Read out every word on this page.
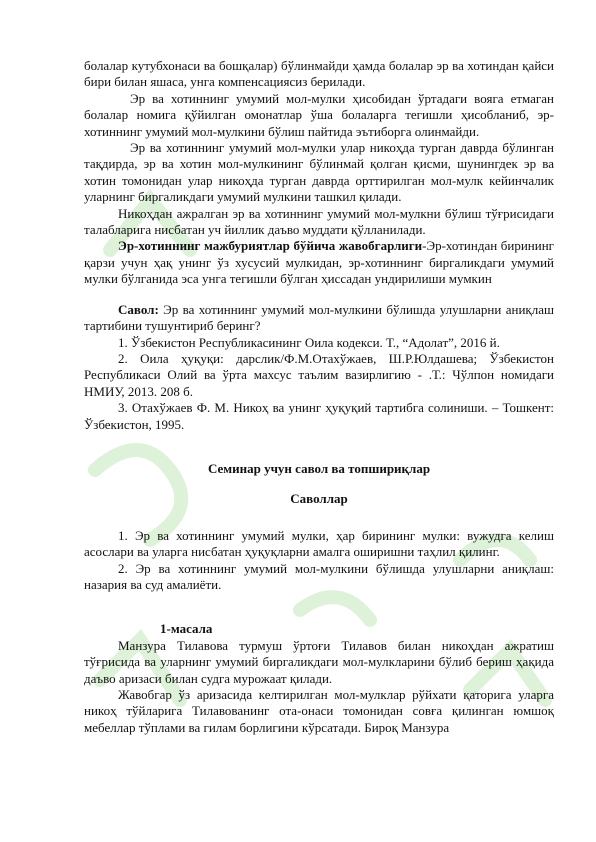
болалар кутубхонаси ва бошқалар) бўлинмайди ҳамда болалар эр ва хотиндан қайси бири билан яшаса, унга компенсациясиз берилади.

Эр ва хотиннинг умумий мол-мулки ҳисобидан ўртадаги вояга етмаган болалар номига қўйилган омонатлар ўша болаларга тегишли ҳисобланиб, эр-хотиннинг умумий мол-мулкини бўлиш пайтида эътиборга олинмайди.

Эр ва хотиннинг умумий мол-мулки улар никоҳда турган даврда бўлинган тақдирда, эр ва хотин мол-мулкининг бўлинмай қолган қисми, шунингдек эр ва хотин томонидан улар никоҳда турган даврда орттирилган мол-мулк кейинчалик уларнинг биргаликдаги умумий мулкини ташкил қилади.

Никоҳдан ажралган эр ва хотиннинг умумий мол-мулкни бўлиш тўғрисидаги талабларига нисбатан уч йиллик даъво муддати қўлланилади.

Эр-хотиннинг мажбуриятлар бўйича жавобгарлиги-Эр-хотиндан бирининг қарзи учун ҳақ унинг ўз хусусий мулкидан, эр-хотиннинг биргаликдаги умумий мулки бўлганида эса унга тегишли бўлган ҳиссадан ундирилиши мумкин

Савол: Эр ва хотиннинг умумий мол-мулкини бўлишда улушларни аниқлаш тартибини тушунтириб беринг?

1. Ўзбекистон Республикасининг Оила кодекси. Т., “Адолат”, 2016 й.

2. Оила ҳуқуқи: дарслик/Ф.М.Отахўжаев, Ш.Р.Юлдашева; Ўзбекистон Республикаси Олий ва ўрта махсус таълим вазирлигию - .Т.: Чўлпон номидаги НМИУ, 2013. 208 б.

3. Отахўжаев Ф. М. Никоҳ ва унинг ҳуқуқий тартибга солиниши. – Тошкент: Ўзбекистон, 1995.

Семинар учун савол ва топшириқлар

Саволлар

1. Эр ва хотиннинг умумий мулки, ҳар бирининг мулки: вужудга келиш асослари ва уларга нисбатан ҳуқуқларни амалга оширишни таҳлил қилинг.

2. Эр ва хотиннинг умумий мол-мулкини бўлишда улушларни аниқлаш: назария ва суд амалиёти.

1-масала

Манзура Тилавова турмуш ўртоғи Тилавов билан никоҳдан ажратиш тўғрисида ва уларнинг умумий биргаликдаги мол-мулкларини бўлиб бериш ҳақида даъво аризаси билан судга мурожаат қилади.

Жавобгар ўз аризасида келтирилган мол-мулклар рўйхати қаторига уларга никоҳ тўйларига Тилавованинг ота-онаси томонидан совға қилинган юмшоқ мебеллар тўплами ва гилам борлигини кўрсатади. Бироқ Манзура
